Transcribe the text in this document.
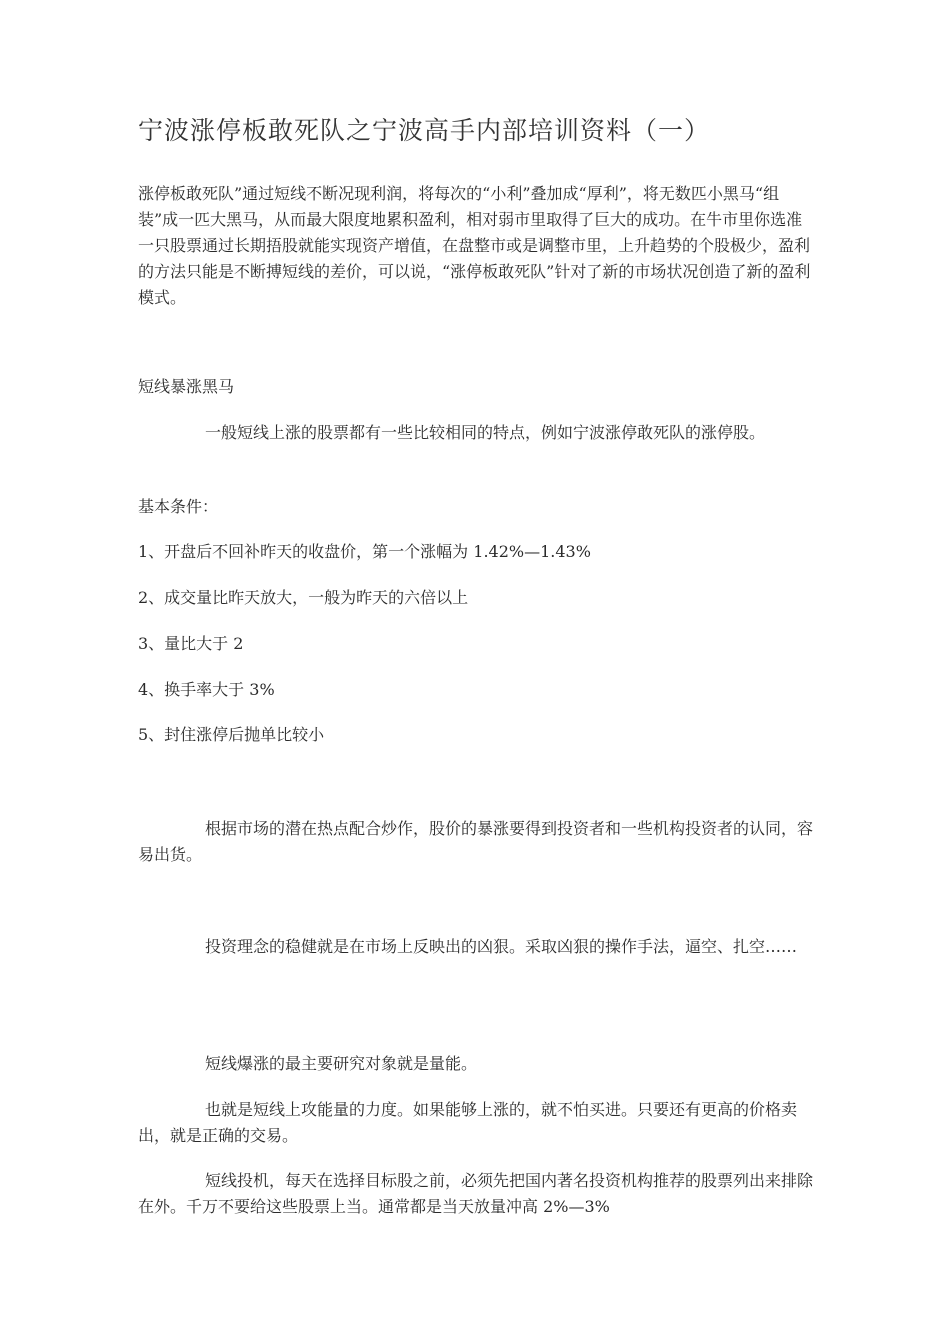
宁波涨停板敢死队之宁波高手内部培训资料（一）

涨停板敢死队”通过短线不断况现利润，将每次的“小利”叠加成“厚利”，将无数匹小黑马“组装”成一匹大黑马，从而最大限度地累积盈利，相对弱市里取得了巨大的成功。在牛市里你选准一只股票通过长期捂股就能实现资产增值，在盘整市或是调整市里，上升趋势的个股极少，盈利的方法只能是不断搏短线的差价，可以说，“涨停板敢死队”针对了新的市场状况创造了新的盈利模式。

短线暴涨黑马

一般短线上涨的股票都有一些比较相同的特点，例如宁波涨停敢死队的涨停股。

基本条件：

1、开盘后不回补昨天的收盘价，第一个涨幅为 1.42%—1.43%

2、成交量比昨天放大，一般为昨天的六倍以上

3、量比大于 2

4、换手率大于 3%

5、封住涨停后抛单比较小

根据市场的潜在热点配合炒作，股价的暴涨要得到投资者和一些机构投资者的认同，容易出货。

投资理念的稳健就是在市场上反映出的凶狠。采取凶狠的操作手法，逼空、扎空……

短线爆涨的最主要研究对象就是量能。

也就是短线上攻能量的力度。如果能够上涨的，就不怕买进。只要还有更高的价格卖出，就是正确的交易。

短线投机，每天在选择目标股之前，必须先把国内著名投资机构推荐的股票列出来排除在外。千万不要给这些股票上当。通常都是当天放量冲高 2%—3%
